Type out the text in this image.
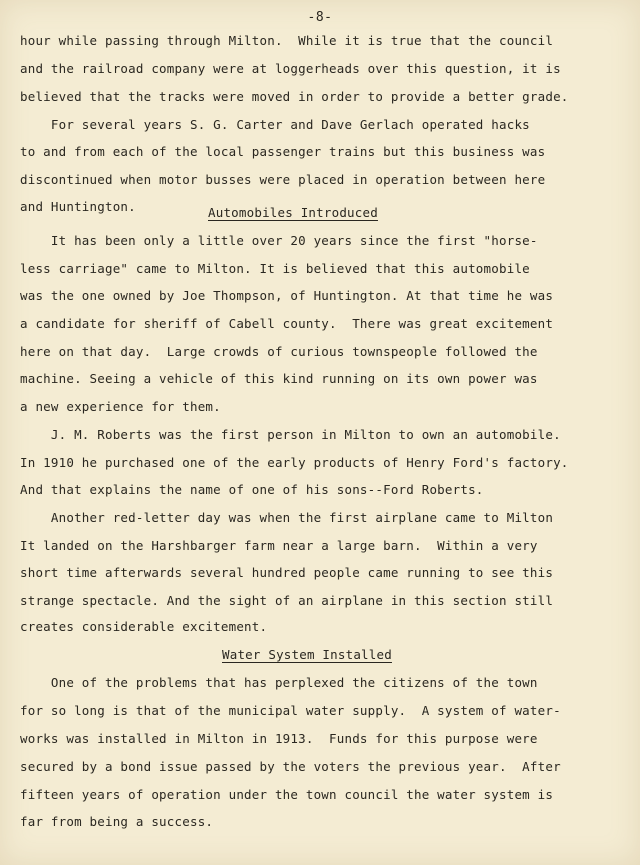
-8-
hour while passing through Milton.  While it is true that the council
and the railroad company were at loggerheads over this question, it is
believed that the tracks were moved in order to provide a better grade.
For several years S. G. Carter and Dave Gerlach operated hacks
to and from each of the local passenger trains but this business was
discontinued when motor busses were placed in operation between here
and Huntington.	Automobiles Introduced
It has been only a little over 20 years since the first "horse-
less carriage" came to Milton. It is believed that this automobile
was the one owned by Joe Thompson, of Huntington. At that time he was
a candidate for sheriff of Cabell county.  There was great excitement
here on that day.  Large crowds of curious townspeople followed the
machine. Seeing a vehicle of this kind running on its own power was
a new experience for them.
J. M. Roberts was the first person in Milton to own an automobile.
In 1910 he purchased one of the early products of Henry Ford's factory.
And that explains the name of one of his sons--Ford Roberts.
Another red-letter day was when the first airplane came to Milton
It landed on the Harshbarger farm near a large barn.  Within a very
short time afterwards several hundred people came running to see this
strange spectacle. And the sight of an airplane in this section still
creates considerable excitement.
Water System Installed
One of the problems that has perplexed the citizens of the town
for so long is that of the municipal water supply.  A system of water-
works was installed in Milton in 1913.  Funds for this purpose were
secured by a bond issue passed by the voters the previous year.  After
fifteen years of operation under the town council the water system is
far from being a success.
